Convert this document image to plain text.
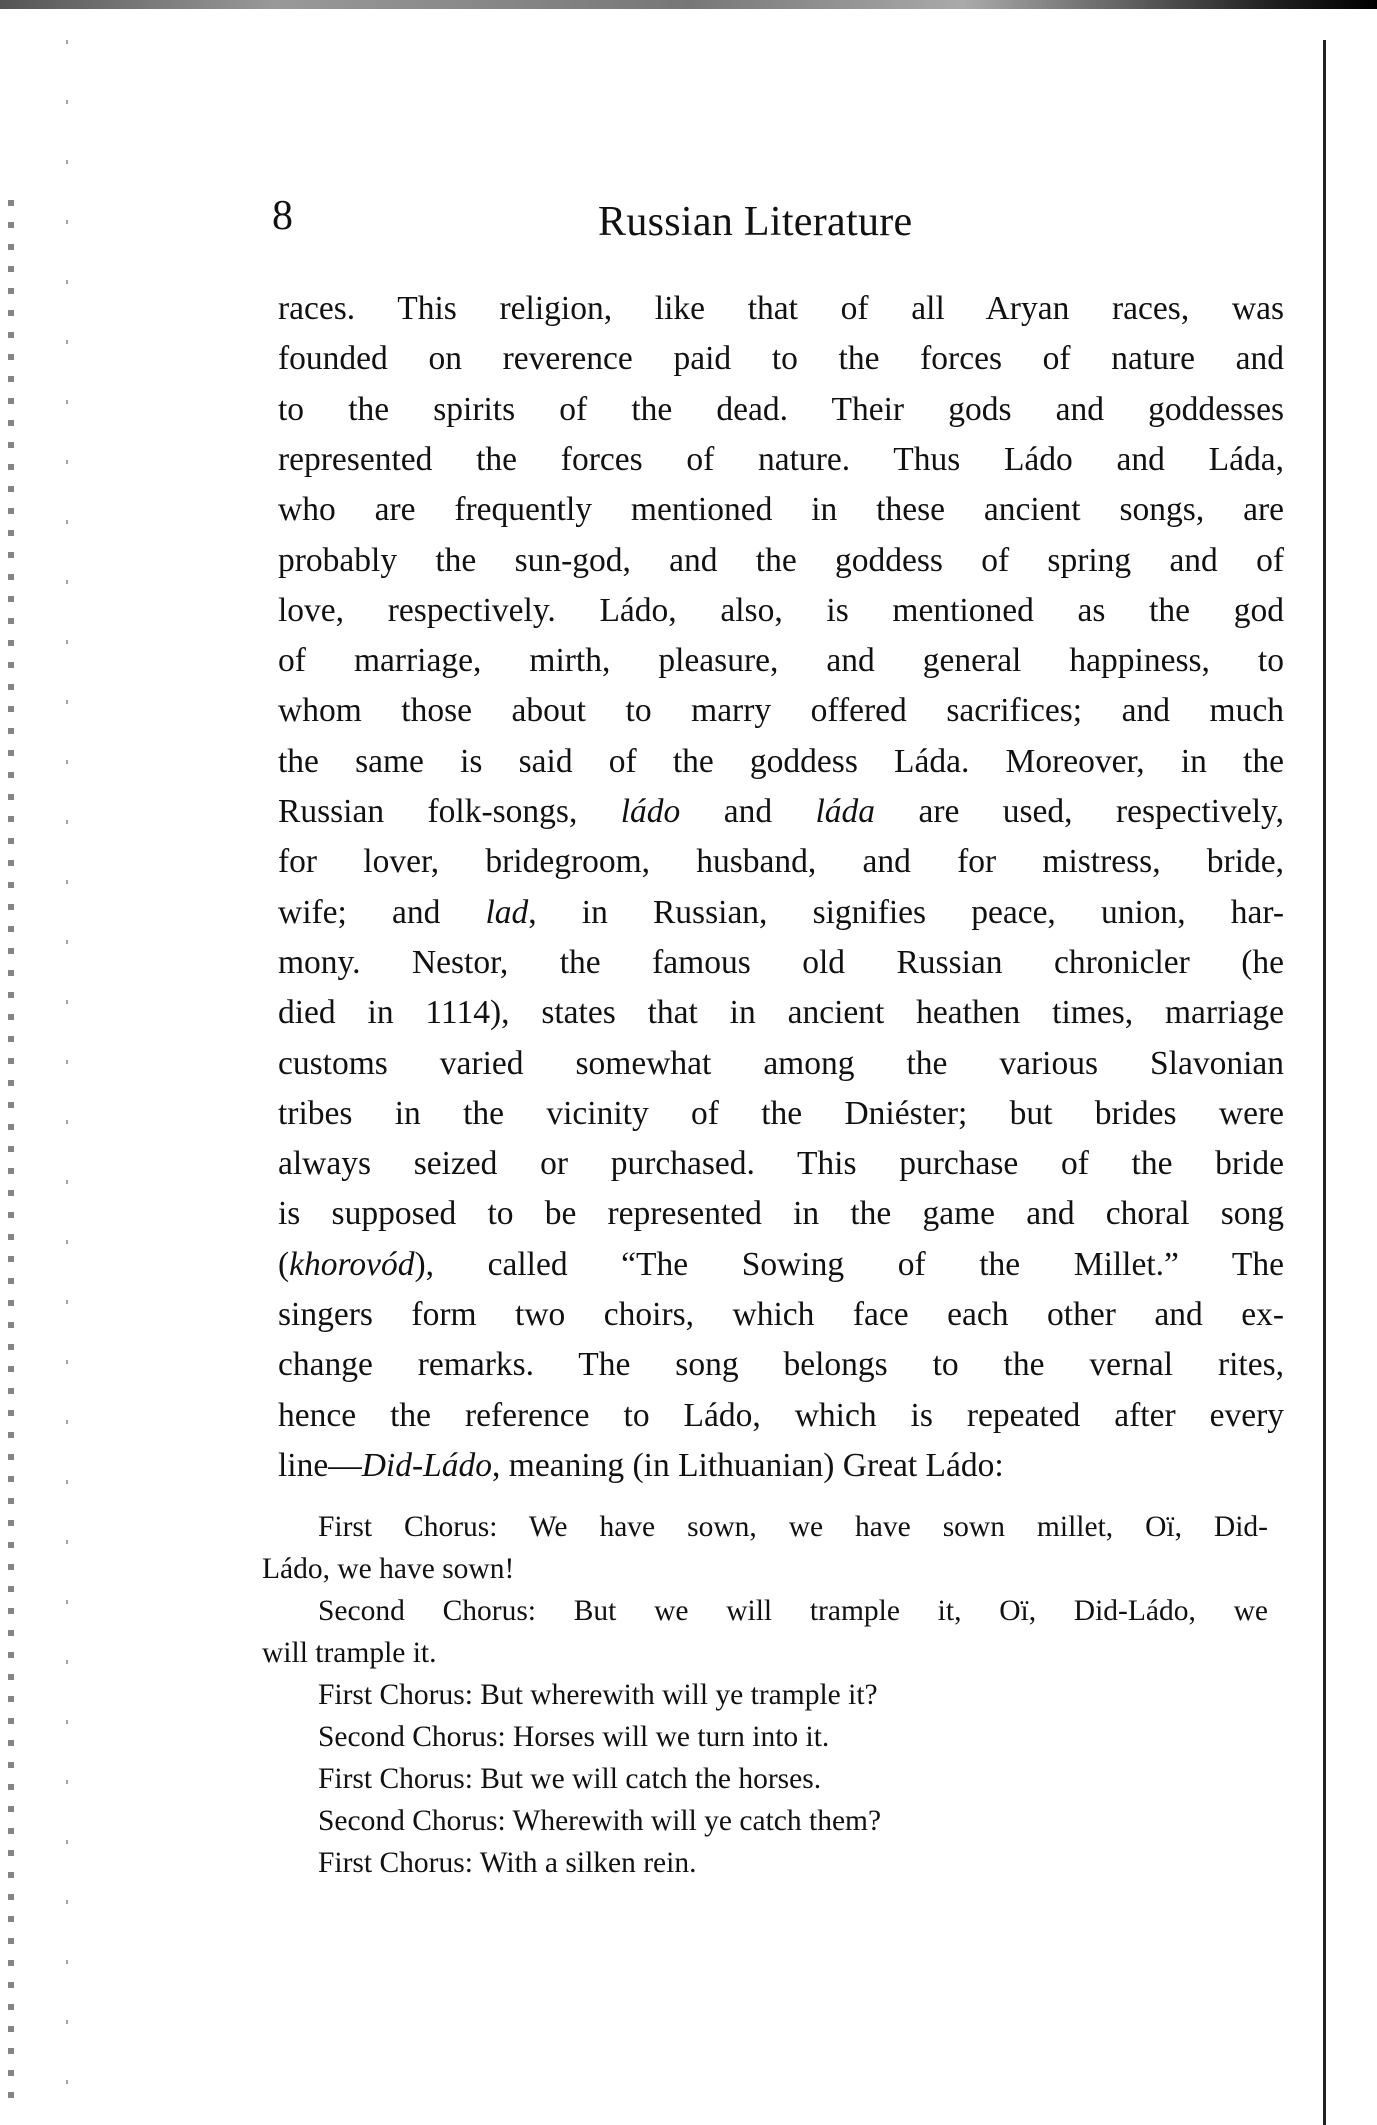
8	Russian Literature
races. This religion, like that of all Aryan races, was
founded on reverence paid to the forces of nature and
to the spirits of the dead. Their gods and goddesses
represented the forces of nature. Thus Ládo and Láda,
who are frequently mentioned in these ancient songs, are
probably the sun-god, and the goddess of spring and of
love, respectively. Ládo, also, is mentioned as the god
of marriage, mirth, pleasure, and general happiness, to
whom those about to marry offered sacrifices; and much
the same is said of the goddess Láda. Moreover, in the
Russian folk-songs, ládo and láda are used, respectively,
for lover, bridegroom, husband, and for mistress, bride,
wife; and lad, in Russian, signifies peace, union, har-
mony. Nestor, the famous old Russian chronicler (he
died in 1114), states that in ancient heathen times, marriage
customs varied somewhat among the various Slavonian
tribes in the vicinity of the Dniéster; but brides were
always seized or purchased. This purchase of the bride
is supposed to be represented in the game and choral song
(khorovód), called “The Sowing of the Millet.” The
singers form two choirs, which face each other and ex-
change remarks. The song belongs to the vernal rites,
hence the reference to Ládo, which is repeated after every
line—Did-Ládo, meaning (in Lithuanian) Great Ládo:
First Chorus: We have sown, we have sown millet, Oï, Did-
Ládo, we have sown!
Second Chorus: But we will trample it, Oï, Did-Ládo, we
will trample it.
First Chorus: But wherewith will ye trample it?
Second Chorus: Horses will we turn into it.
First Chorus: But we will catch the horses.
Second Chorus: Wherewith will ye catch them?
First Chorus: With a silken rein.
